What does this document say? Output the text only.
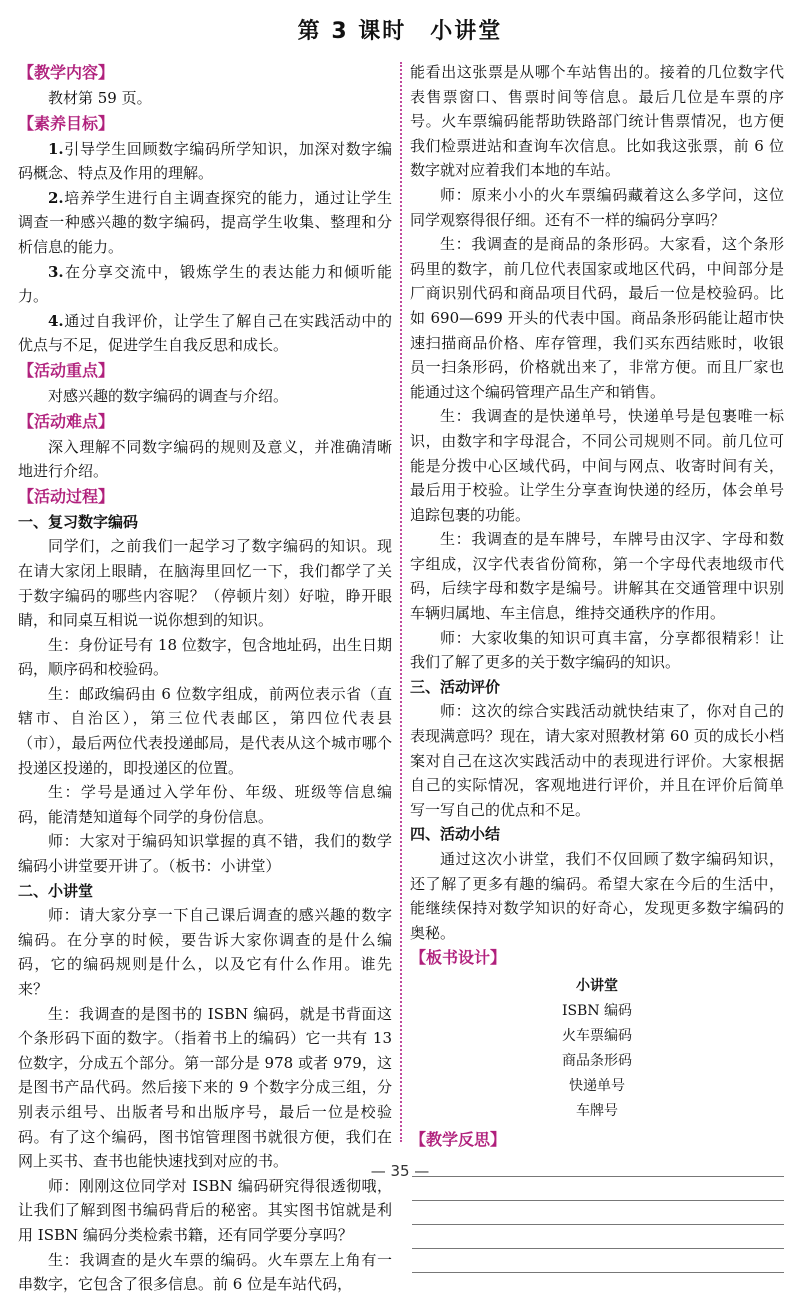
第 3 课时　小讲堂
【教学内容】

教材第 59 页。

【素养目标】

1.引导学生回顾数字编码所学知识，加深对数字编码概念、特点及作用的理解。

2.培养学生进行自主调查探究的能力，通过让学生调查一种感兴趣的数字编码，提高学生收集、整理和分析信息的能力。

3.在分享交流中，锻炼学生的表达能力和倾听能力。

4.通过自我评价，让学生了解自己在实践活动中的优点与不足，促进学生自我反思和成长。

【活动重点】

对感兴趣的数字编码的调查与介绍。

【活动难点】

深入理解不同数字编码的规则及意义，并准确清晰地进行介绍。

【活动过程】
一、复习数字编码

同学们，之前我们一起学习了数字编码的知识。现在请大家闭上眼睛，在脑海里回忆一下，我们都学了关于数字编码的哪些内容呢？（停顿片刻）好啦，睁开眼睛，和同桌互相说一说你想到的知识。

生：身份证号有 18 位数字，包含地址码，出生日期码，顺序码和校验码。

生：邮政编码由 6 位数字组成，前两位表示省（直辖市、自治区），第三位代表邮区，第四位代表县（市），最后两位代表投递邮局，是代表从这个城市哪个投递区投递的，即投递区的位置。

生：学号是通过入学年份、年级、班级等信息编码，能清楚知道每个同学的身份信息。

师：大家对于编码知识掌握的真不错，我们的数学编码小讲堂要开讲了。（板书：小讲堂）

二、小讲堂

师：请大家分享一下自己课后调查的感兴趣的数字编码。在分享的时候，要告诉大家你调查的是什么编码，它的编码规则是什么，以及它有什么作用。谁先来？

生：我调查的是图书的 ISBN 编码，就是书背面这个条形码下面的数字。（指着书上的编码）它一共有 13 位数字，分成五个部分。第一部分是 978 或者 979，这是图书产品代码。然后接下来的 9 个数字分成三组，分别表示组号、出版者号和出版序号，最后一位是校验码。有了这个编码，图书馆管理图书就很方便，我们在网上买书、查书也能快速找到对应的书。

师：刚刚这位同学对 ISBN 编码研究得很透彻哦，让我们了解到图书编码背后的秘密。其实图书馆就是利用 ISBN 编码分类检索书籍，还有同学要分享吗？

生：我调查的是火车票的编码。火车票左上角有一串数字，它包含了很多信息。前 6 位是车站代码，

能看出这张票是从哪个车站售出的。接着的几位数字代表售票窗口、售票时间等信息。最后几位是车票的序号。火车票编码能帮助铁路部门统计售票情况，也方便我们检票进站和查询车次信息。比如我这张票，前 6 位数字就对应着我们本地的车站。

师：原来小小的火车票编码藏着这么多学问，这位同学观察得很仔细。还有不一样的编码分享吗？

生：我调查的是商品的条形码。大家看，这个条形码里的数字，前几位代表国家或地区代码，中间部分是厂商识别代码和商品项目代码，最后一位是校验码。比如 690—699 开头的代表中国。商品条形码能让超市快速扫描商品价格、库存管理，我们买东西结账时，收银员一扫条形码，价格就出来了，非常方便。而且厂家也能通过这个编码管理产品生产和销售。

生：我调查的是快递单号，快递单号是包裹唯一标识，由数字和字母混合，不同公司规则不同。前几位可能是分拨中心区域代码，中间与网点、收寄时间有关，最后用于校验。让学生分享查询快递的经历，体会单号追踪包裹的功能。

生：我调查的是车牌号，车牌号由汉字、字母和数字组成，汉字代表省份简称，第一个字母代表地级市代码，后续字母和数字是编号。讲解其在交通管理中识别车辆归属地、车主信息，维持交通秩序的作用。

师：大家收集的知识可真丰富，分享都很精彩！让我们了解了更多的关于数字编码的知识。

三、活动评价

师：这次的综合实践活动就快结束了，你对自己的表现满意吗？现在，请大家对照教材第 60 页的成长小档案对自己在这次实践活动中的表现进行评价。大家根据自己的实际情况，客观地进行评价，并且在评价后简单写一写自己的优点和不足。

四、活动小结

通过这次小讲堂，我们不仅回顾了数字编码知识，还了解了更多有趣的编码。希望大家在今后的生活中，能继续保持对数学知识的好奇心，发现更多数字编码的奥秘。

【板书设计】
小讲堂
ISBN 编码
火车票编码
商品条形码
快递单号
车牌号
【教学反思】
— 35 —
